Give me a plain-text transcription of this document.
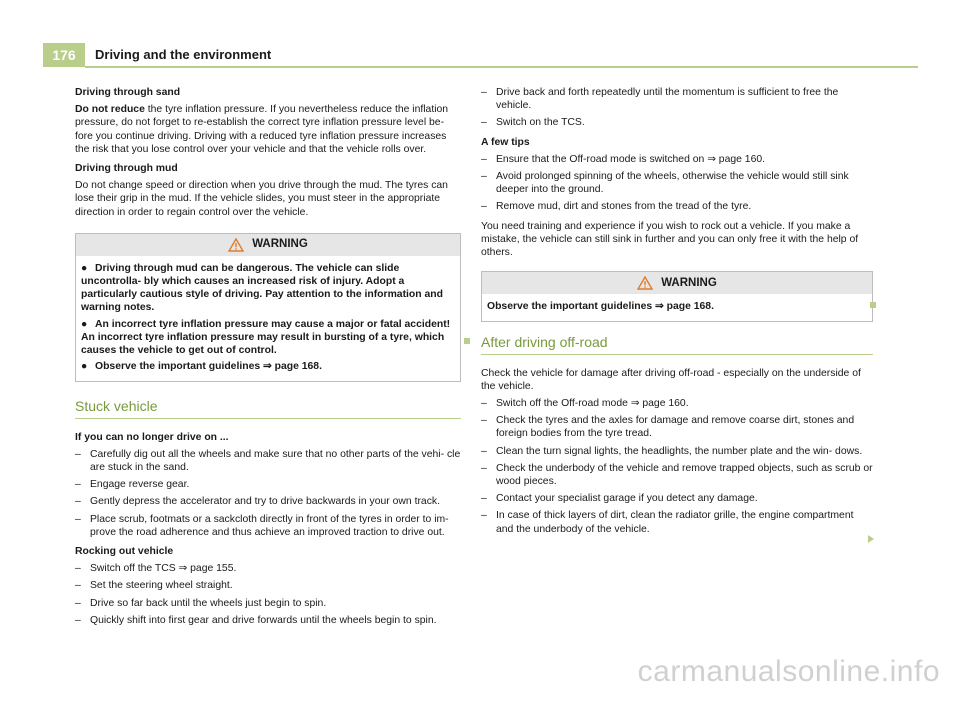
176	Driving and the environment

Driving through sand

Do not reduce the tyre inflation pressure. If you nevertheless reduce the inflation pressure, do not forget to re-establish the correct tyre inflation pressure level be- fore you continue driving. Driving with a reduced tyre inflation pressure increases the risk that you lose control over your vehicle and that the vehicle rolls over.

Driving through mud

Do not change speed or direction when you drive through the mud. The tyres can lose their grip in the mud. If the vehicle slides, you must steer in the appropriate direction in order to regain control over the vehicle.

WARNING

● Driving through mud can be dangerous. The vehicle can slide uncontrolla- bly which causes an increased risk of injury. Adopt a particularly cautious style of driving. Pay attention to the information and warning notes.

● An incorrect tyre inflation pressure may cause a major or fatal accident! An incorrect tyre inflation pressure may result in bursting of a tyre, which causes the vehicle to get out of control.

● Observe the important guidelines ⇒ page 168.

Stuck vehicle

If you can no longer drive on ...

– Carefully dig out all the wheels and make sure that no other parts of the vehi- cle are stuck in the sand.
– Engage reverse gear.
– Gently depress the accelerator and try to drive backwards in your own track.
– Place scrub, footmats or a sackcloth directly in front of the tyres in order to im- prove the road adherence and thus achieve an improved traction to drive out.

Rocking out vehicle

– Switch off the TCS ⇒ page 155.
– Set the steering wheel straight.
– Drive so far back until the wheels just begin to spin.
– Quickly shift into first gear and drive forwards until the wheels begin to spin.
– Drive back and forth repeatedly until the momentum is sufficient to free the vehicle.
– Switch on the TCS.

A few tips

– Ensure that the Off-road mode is switched on ⇒ page 160.
– Avoid prolonged spinning of the wheels, otherwise the vehicle would still sink deeper into the ground.
– Remove mud, dirt and stones from the tread of the tyre.

You need training and experience if you wish to rock out a vehicle. If you make a mistake, the vehicle can still sink in further and you can only free it with the help of others.

WARNING

Observe the important guidelines ⇒ page 168.

After driving off-road

Check the vehicle for damage after driving off-road - especially on the underside of the vehicle.

– Switch off the Off-road mode ⇒ page 160.
– Check the tyres and the axles for damage and remove coarse dirt, stones and foreign bodies from the tyre tread.
– Clean the turn signal lights, the headlights, the number plate and the win- dows.
– Check the underbody of the vehicle and remove trapped objects, such as scrub or wood pieces.
– Contact your specialist garage if you detect any damage.
– In case of thick layers of dirt, clean the radiator grille, the engine compartment and the underbody of the vehicle.
carmanualsonline.info
